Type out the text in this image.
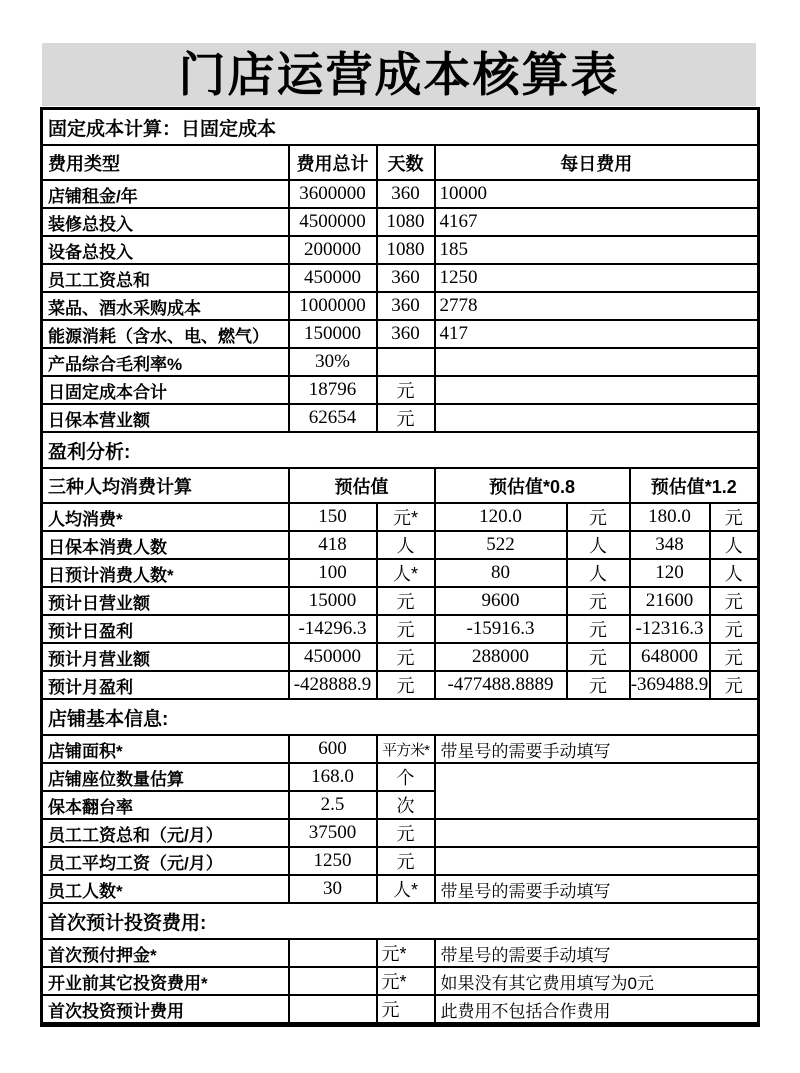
门店运营成本核算表
固定成本计算：日固定成本						
费用类型	费用总计	天数	每日费用			
店铺租金/年	3600000	360	10000			
装修总投入	4500000	1080	4167			
设备总投入	200000	1080	185			
员工工资总和	450000	360	1250			
菜品、酒水采购成本	1000000	360	2778			
能源消耗（含水、电、燃气）	150000	360	417			
产品综合毛利率%	30%					
日固定成本合计	18796	元				
日保本营业额	62654	元				
盈利分析:						
三种人均消费计算	预估值		预估值*0.8		预估值*1.2	
人均消费*	150	元*	120.0	元	180.0	元
日保本消费人数	418	人	522	人	348	人
日预计消费人数*	100	人*	80	人	120	人
预计日营业额	15000	元	9600	元	21600	元
预计日盈利	-14296.3	元	-15916.3	元	-12316.3	元
预计月营业额	450000	元	288000	元	648000	元
预计月盈利	-428888.9	元	-477488.8889	元	-369488.9	元
店铺基本信息:						
店铺面积*	600	平方米*	带星号的需要手动填写			
店铺座位数量估算	168.0	个				
保本翻台率	2.5	次				
员工工资总和（元/月）	37500	元				
员工平均工资（元/月）	1250	元				
员工人数*	30	人*	带星号的需要手动填写			
首次预计投资费用:						
首次预付押金*		元*	带星号的需要手动填写			
开业前其它投资费用*		元*	如果没有其它费用填写为0元			
首次投资预计费用		元	此费用不包括合作费用			
